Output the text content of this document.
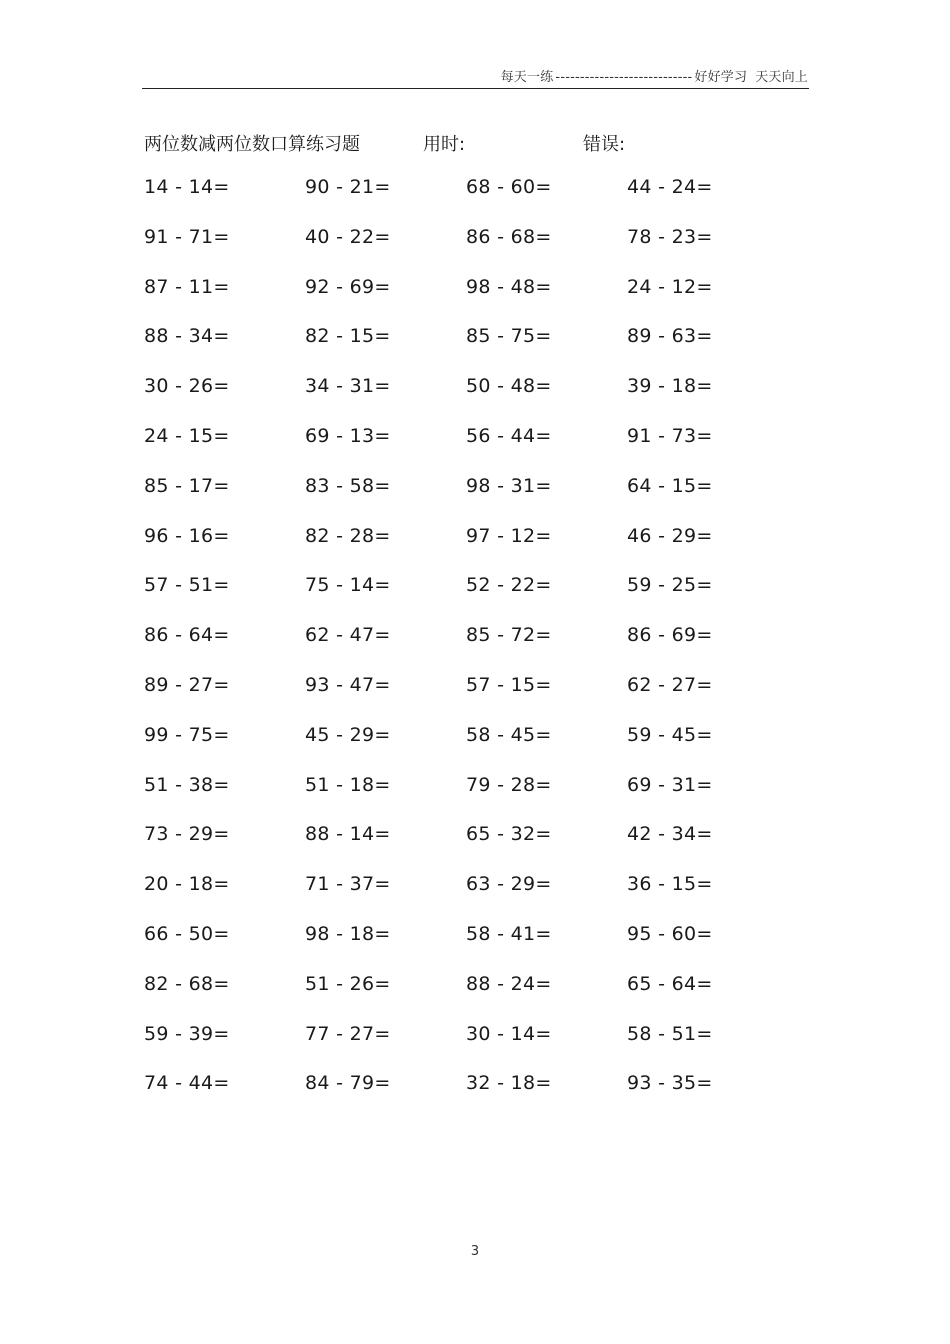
每天一练 ---------------------------- 好好学习 天天向上
两位数减两位数口算练习题	用时:	错误:
14 - 14=	90 - 21=	68 - 60=	44 - 24=
91 - 71=	40 - 22=	86 - 68=	78 - 23=
87 - 11=	92 - 69=	98 - 48=	24 - 12=
88 - 34=	82 - 15=	85 - 75=	89 - 63=
30 - 26=	34 - 31=	50 - 48=	39 - 18=
24 - 15=	69 - 13=	56 - 44=	91 - 73=
85 - 17=	83 - 58=	98 - 31=	64 - 15=
96 - 16=	82 - 28=	97 - 12=	46 - 29=
57 - 51=	75 - 14=	52 - 22=	59 - 25=
86 - 64=	62 - 47=	85 - 72=	86 - 69=
89 - 27=	93 - 47=	57 - 15=	62 - 27=
99 - 75=	45 - 29=	58 - 45=	59 - 45=
51 - 38=	51 - 18=	79 - 28=	69 - 31=
73 - 29=	88 - 14=	65 - 32=	42 - 34=
20 - 18=	71 - 37=	63 - 29=	36 - 15=
66 - 50=	98 - 18=	58 - 41=	95 - 60=
82 - 68=	51 - 26=	88 - 24=	65 - 64=
59 - 39=	77 - 27=	30 - 14=	58 - 51=
74 - 44=	84 - 79=	32 - 18=	93 - 35=
3
